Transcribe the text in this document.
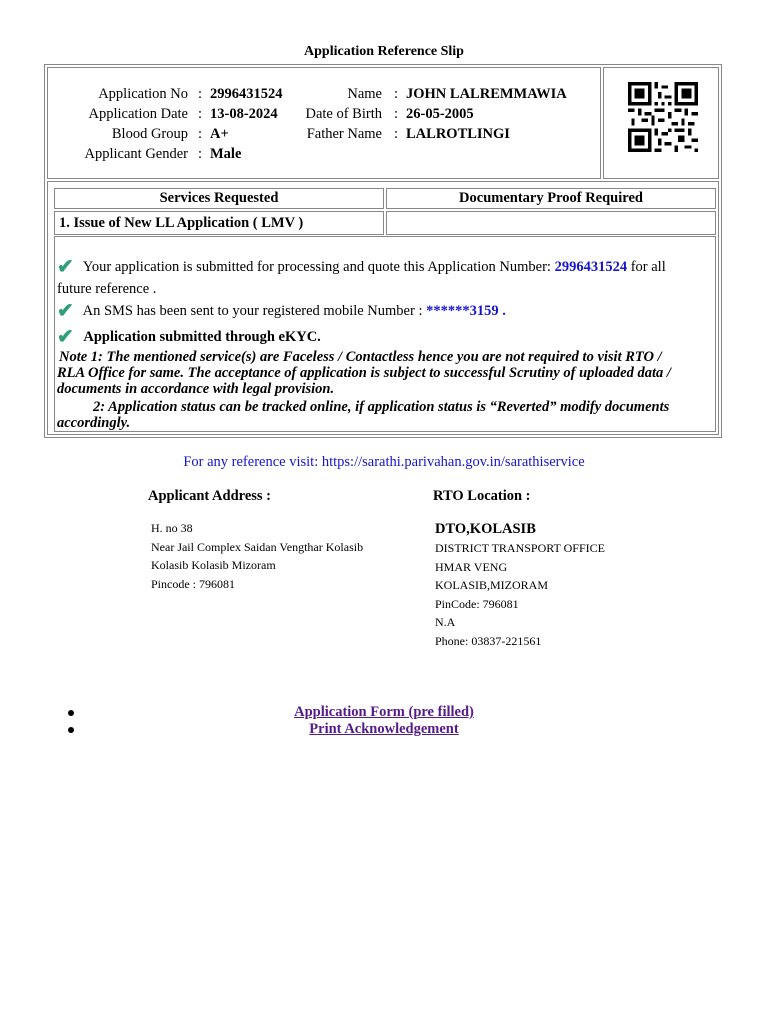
Application Reference Slip
Application No : 2996431524	Name : JOHN LALREMMAWIA
Application Date : 13-08-2024	Date of Birth : 26-05-2005
Blood Group : A+	Father Name : LALROTLINGI
Applicant Gender : Male
Services Requested	Documentary Proof Required
1. Issue of New LL Application ( LMV )	
✔ Your application is submitted for processing and quote this Application Number: 2996431524 for all
future reference .
✔ An SMS has been sent to your registered mobile Number : ******3159 .
✔ Application submitted through eKYC.
Note 1: The mentioned service(s) are Faceless / Contactless hence you are not required to visit RTO /
RLA Office for same. The acceptance of application is subject to successful Scrutiny of uploaded data /
documents in accordance with legal provision.
2: Application status can be tracked online, if application status is “Reverted” modify documents
accordingly.
For any reference visit: https://sarathi.parivahan.gov.in/sarathiservice
Applicant Address :	RTO Location :
H. no 38
Near Jail Complex Saidan Vengthar Kolasib
Kolasib Kolasib Mizoram
Pincode : 796081
DTO,KOLASIB
DISTRICT TRANSPORT OFFICE
HMAR VENG
KOLASIB,MIZORAM
PinCode: 796081
N.A
Phone: 03837-221561
Application Form (pre filled)
Print Acknowledgement
